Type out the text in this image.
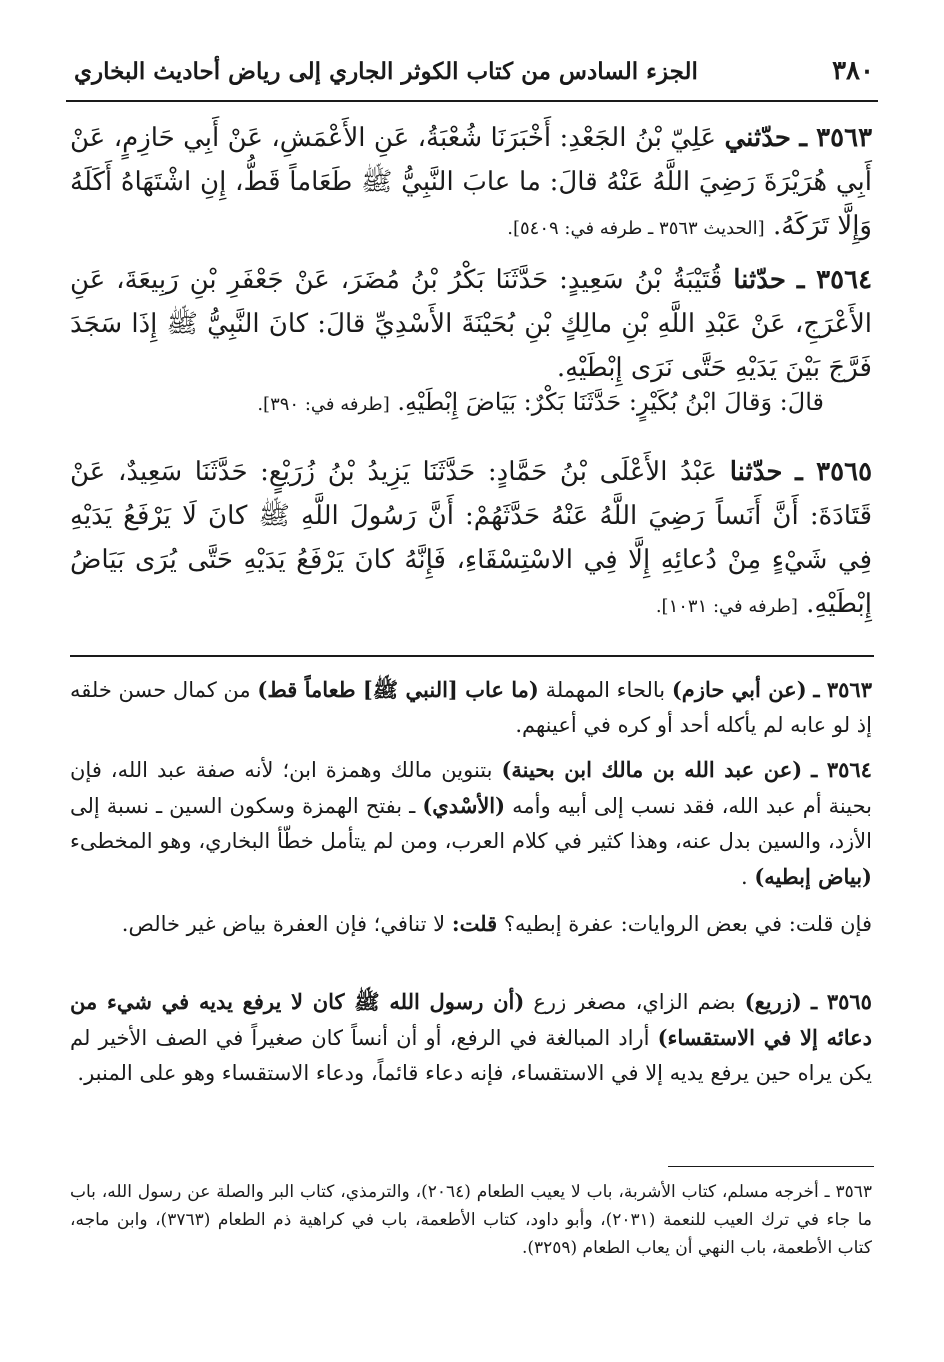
٣٨٠
الجزء السادس من كتاب الكوثر الجاري إلى رياض أحاديث البخاري
٣٥٦٣ ـ حدّثني عَلِيّ بْنُ الجَعْدِ: أَخْبَرَنَا شُعْبَةُ، عَنِ الأَعْمَشِ، عَنْ أَبِي حَازِمٍ، عَنْ أَبِي هُرَيْرَةَ رَضِيَ اللَّهُ عَنْهُ قالَ: ما عابَ النَّبِيُّ ﷺ طَعَاماً قَطُّ، إِنِ اشْتَهَاهُ أَكَلَهُ وَإِلَّا تَرَكَهُ. [الحديث ٣٥٦٣ ـ طرفه في: ٥٤٠٩].
٣٥٦٤ ـ حدّثنا قُتَيْبَةُ بْنُ سَعِيدٍ: حَدَّثَنَا بَكْرُ بْنُ مُضَرَ، عَنْ جَعْفَرِ بْنِ رَبِيعَةَ، عَنِ الأَعْرَجِ، عَنْ عَبْدِ اللَّهِ بْنِ مالِكٍ بْنِ بُحَيْنَةَ الأَسْدِيِّ قالَ: كانَ النَّبِيُّ ﷺ إِذَا سَجَدَ فَرَّجَ بَيْنَ يَدَيْهِ حَتَّى نَرَى إِبْطَيْهِ.
قالَ: وَقالَ ابْنُ بُكَيْرٍ: حَدَّثَنَا بَكْرٌ: بَيَاضَ إِبْطَيْهِ. [طرفه في: ٣٩٠].
٣٥٦٥ ـ حدّثنا عَبْدُ الأَعْلَى بْنُ حَمَّادٍ: حَدَّثَنَا يَزِيدُ بْنُ زُرَيْعٍ: حَدَّثَنَا سَعِيدٌ، عَنْ قَتَادَةَ: أَنَّ أَنَساً رَضِيَ اللَّهُ عَنْهُ حَدَّثَهُمْ: أَنَّ رَسُولَ اللَّهِ ﷺ كانَ لَا يَرْفَعُ يَدَيْهِ فِي شَيْءٍ مِنْ دُعائِهِ إِلَّا فِي الاسْتِسْقَاءِ، فَإِنَّهُ كانَ يَرْفَعُ يَدَيْهِ حَتَّى يُرَى بَيَاضُ إِبْطَيْهِ. [طرفه في: ١٠٣١].
٣٥٦٣ ـ (عن أبي حازم) بالحاء المهملة (ما عاب [النبي ﷺ] طعاماً قط) من كمال حسن خلقه إذ لو عابه لم يأكله أحد أو كره في أعينهم.
٣٥٦٤ ـ (عن عبد الله بن مالك ابن بحينة) بتنوين مالك وهمزة ابن؛ لأنه صفة عبد الله، فإن بحينة أم عبد الله، فقد نسب إلى أبيه وأمه (الأسْدي) ـ بفتح الهمزة وسكون السين ـ نسبة إلى الأزد، والسين بدل عنه، وهذا كثير في كلام العرب، ومن لم يتأمل خطّأ البخاري، وهو المخطىء (بياض إبطيه) .
فإن قلت: في بعض الروايات: عفرة إبطيه؟ قلت: لا تنافي؛ فإن العفرة بياض غير خالص.
٣٥٦٥ ـ (زريع) بضم الزاي، مصغر زرع (أن رسول الله ﷺ كان لا يرفع يديه في شيء من دعائه إلا في الاستقساء) أراد المبالغة في الرفع، أو أن أنساً كان صغيراً في الصف الأخير لم يكن يراه حين يرفع يديه إلا في الاستقساء، فإنه دعاء قائماً، ودعاء الاستقساء وهو على المنبر.
٣٥٦٣ ـ أخرجه مسلم، كتاب الأشربة، باب لا يعيب الطعام (٢٠٦٤)، والترمذي، كتاب البر والصلة عن رسول الله، باب ما جاء في ترك العيب للنعمة (٢٠٣١)، وأبو داود، كتاب الأطعمة، باب في كراهية ذم الطعام (٣٧٦٣)، وابن ماجه، كتاب الأطعمة، باب النهي أن يعاب الطعام (٣٢٥٩).
